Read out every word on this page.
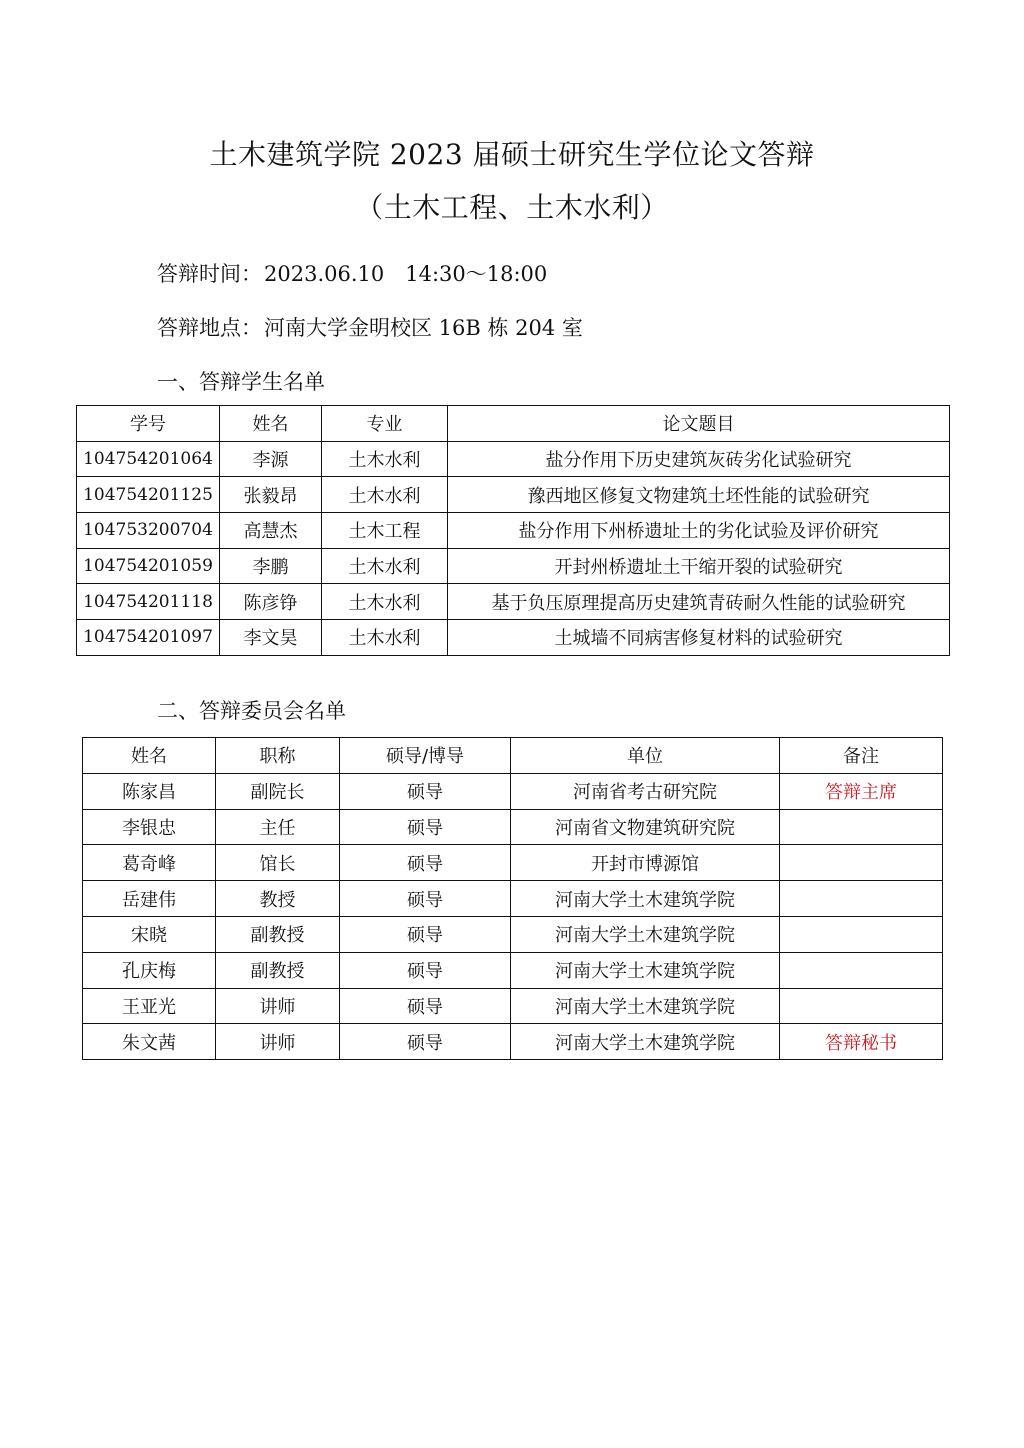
土木建筑学院 2023 届硕士研究生学位论文答辩
（土木工程、土木水利）
答辩时间：2023.06.10　14:30～18:00
答辩地点：河南大学金明校区 16B 栋 204 室
一、答辩学生名单
学号	姓名	专业	论文题目
104754201064	李源	土木水利	盐分作用下历史建筑灰砖劣化试验研究
104754201125	张毅昂	土木水利	豫西地区修复文物建筑土坯性能的试验研究
104753200704	高慧杰	土木工程	盐分作用下州桥遗址土的劣化试验及评价研究
104754201059	李鹏	土木水利	开封州桥遗址土干缩开裂的试验研究
104754201118	陈彦铮	土木水利	基于负压原理提高历史建筑青砖耐久性能的试验研究
104754201097	李文昊	土木水利	土城墙不同病害修复材料的试验研究
二、答辩委员会名单
姓名	职称	硕导/博导	单位	备注
陈家昌	副院长	硕导	河南省考古研究院	答辩主席
李银忠	主任	硕导	河南省文物建筑研究院	
葛奇峰	馆长	硕导	开封市博源馆	
岳建伟	教授	硕导	河南大学土木建筑学院	
宋晓	副教授	硕导	河南大学土木建筑学院	
孔庆梅	副教授	硕导	河南大学土木建筑学院	
王亚光	讲师	硕导	河南大学土木建筑学院	
朱文茜	讲师	硕导	河南大学土木建筑学院	答辩秘书
